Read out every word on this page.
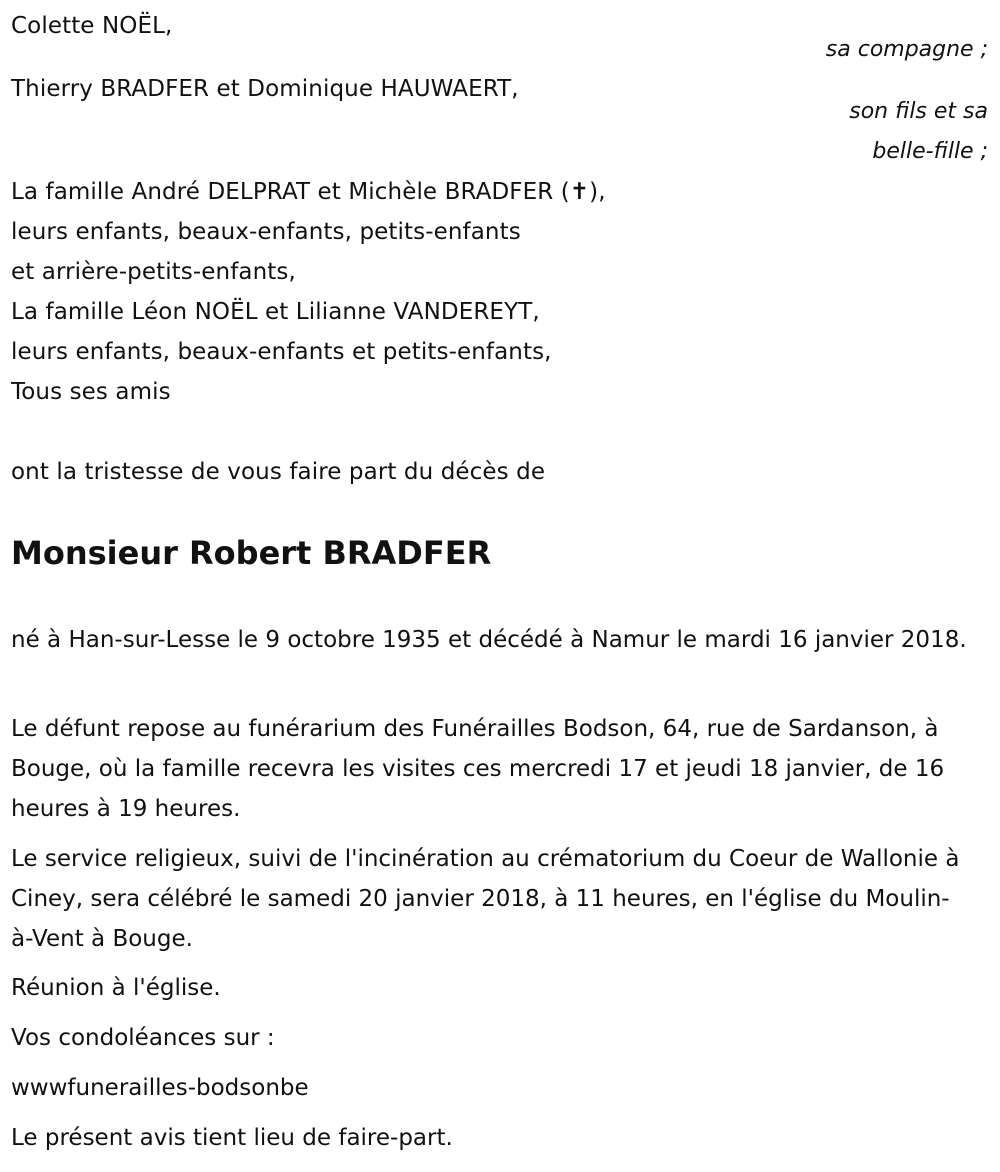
Colette NOËL,
sa compagne ;
Thierry BRADFER et Dominique HAUWAERT,
son fils et sa
belle-fille ;
La famille André DELPRAT et Michèle BRADFER (✝),
leurs enfants, beaux-enfants, petits-enfants
et arrière-petits-enfants,
La famille Léon NOËL et Lilianne VANDEREYT,
leurs enfants, beaux-enfants et petits-enfants,
Tous ses amis
ont la tristesse de vous faire part du décès de
Monsieur Robert BRADFER
né à Han-sur-Lesse le 9 octobre 1935 et décédé à Namur le mardi 16 janvier 2018.
Le défunt repose au funérarium des Funérailles Bodson, 64, rue de Sardanson, à Bouge, où la famille recevra les visites ces mercredi 17 et jeudi 18 janvier, de 16 heures à 19 heures.
Le service religieux, suivi de l'incinération au crématorium du Coeur de Wallonie à Ciney, sera célébré le samedi 20 janvier 2018, à 11 heures, en l'église du Moulin-à-Vent à Bouge.
Réunion à l'église.
Vos condoléances sur :
wwwfunerailles-bodsonbe
Le présent avis tient lieu de faire-part.
